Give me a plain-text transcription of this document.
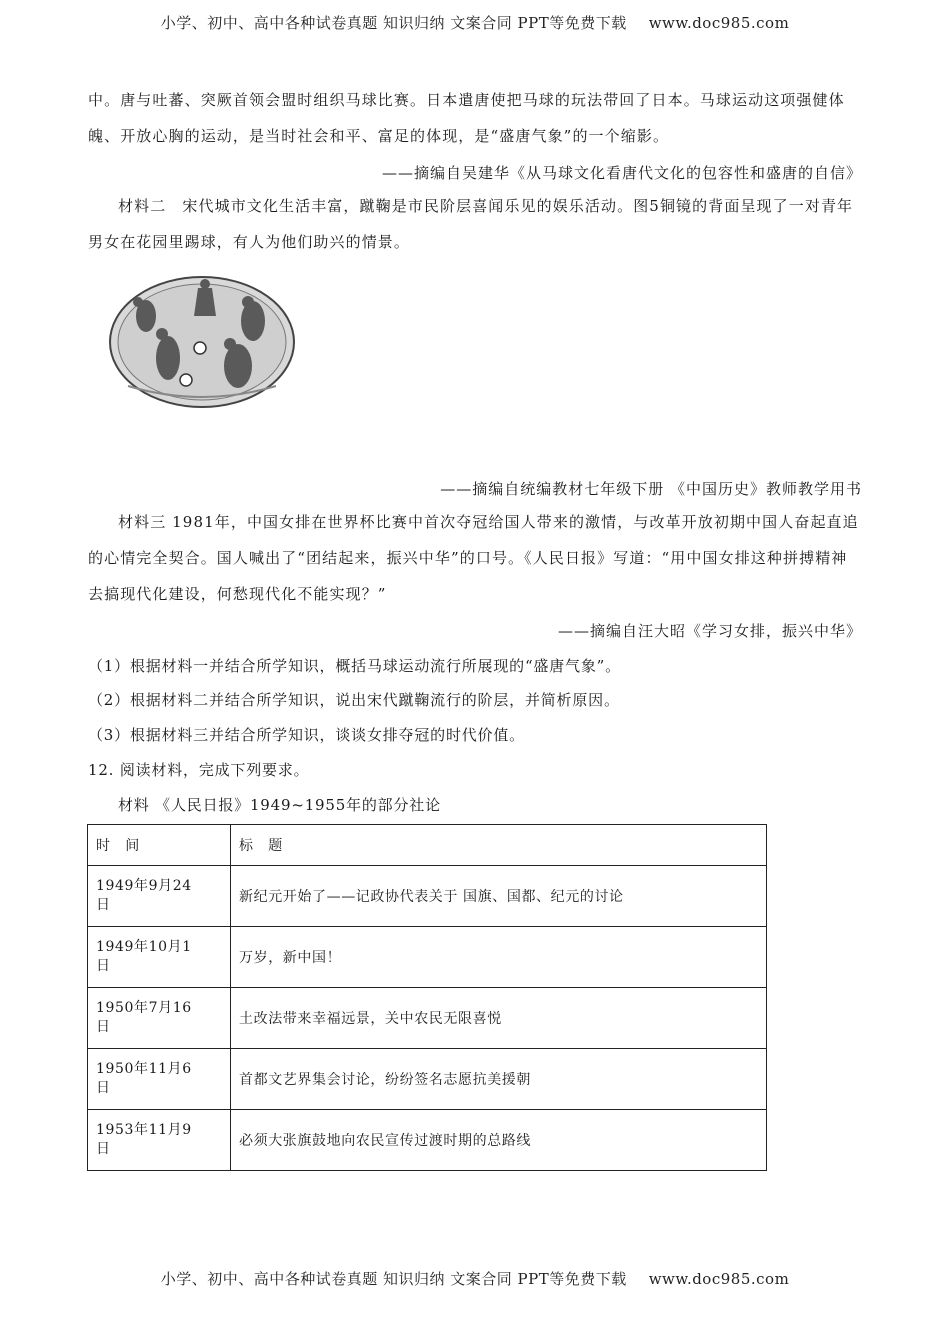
小学、初中、高中各种试卷真题 知识归纳 文案合同 PPT等免费下载 www.doc985.com

中。唐与吐蕃、突厥首领会盟时组织马球比赛。日本遣唐使把马球的玩法带回了日本。马球运动这项强健体魄、开放心胸的运动，是当时社会和平、富足的体现，是“盛唐气象”的一个缩影。

——摘编自吴建华《从马球文化看唐代文化的包容性和盛唐的自信》

材料二　宋代城市文化生活丰富，蹴鞠是市民阶层喜闻乐见的娱乐活动。图5铜镜的背面呈现了一对青年男女在花园里踢球，有人为他们助兴的情景。

——摘编自统编教材七年级下册 《中国历史》教师教学用书

材料三 1981年，中国女排在世界杯比赛中首次夺冠给国人带来的激情，与改革开放初期中国人奋起直追的心情完全契合。国人喊出了“团结起来，振兴中华”的口号。《人民日报》写道：“用中国女排这种拼搏精神去搞现代化建设，何愁现代化不能实现？”

——摘编自汪大昭《学习女排，振兴中华》
（1）根据材料一并结合所学知识，概括马球运动流行所展现的“盛唐气象”。
（2）根据材料二并结合所学知识，说出宋代蹴鞠流行的阶层，并简析原因。
（3）根据材料三并结合所学知识，谈谈女排夺冠的时代价值。
12. 阅读材料，完成下列要求。
材料 《人民日报》1949~1955年的部分社论
时　间	标　题

1949年9月24
日	新纪元开始了——记政协代表关于 国旗、国都、纪元的讨论

1949年10月1
日	万岁，新中国！

1950年7月16
日	土改法带来幸福远景，关中农民无限喜悦

1950年11月6
日	首都文艺界集会讨论，纷纷签名志愿抗美援朝

1953年11月9
日	必须大张旗鼓地向农民宣传过渡时期的总路线
小学、初中、高中各种试卷真题 知识归纳 文案合同 PPT等免费下载 www.doc985.com
